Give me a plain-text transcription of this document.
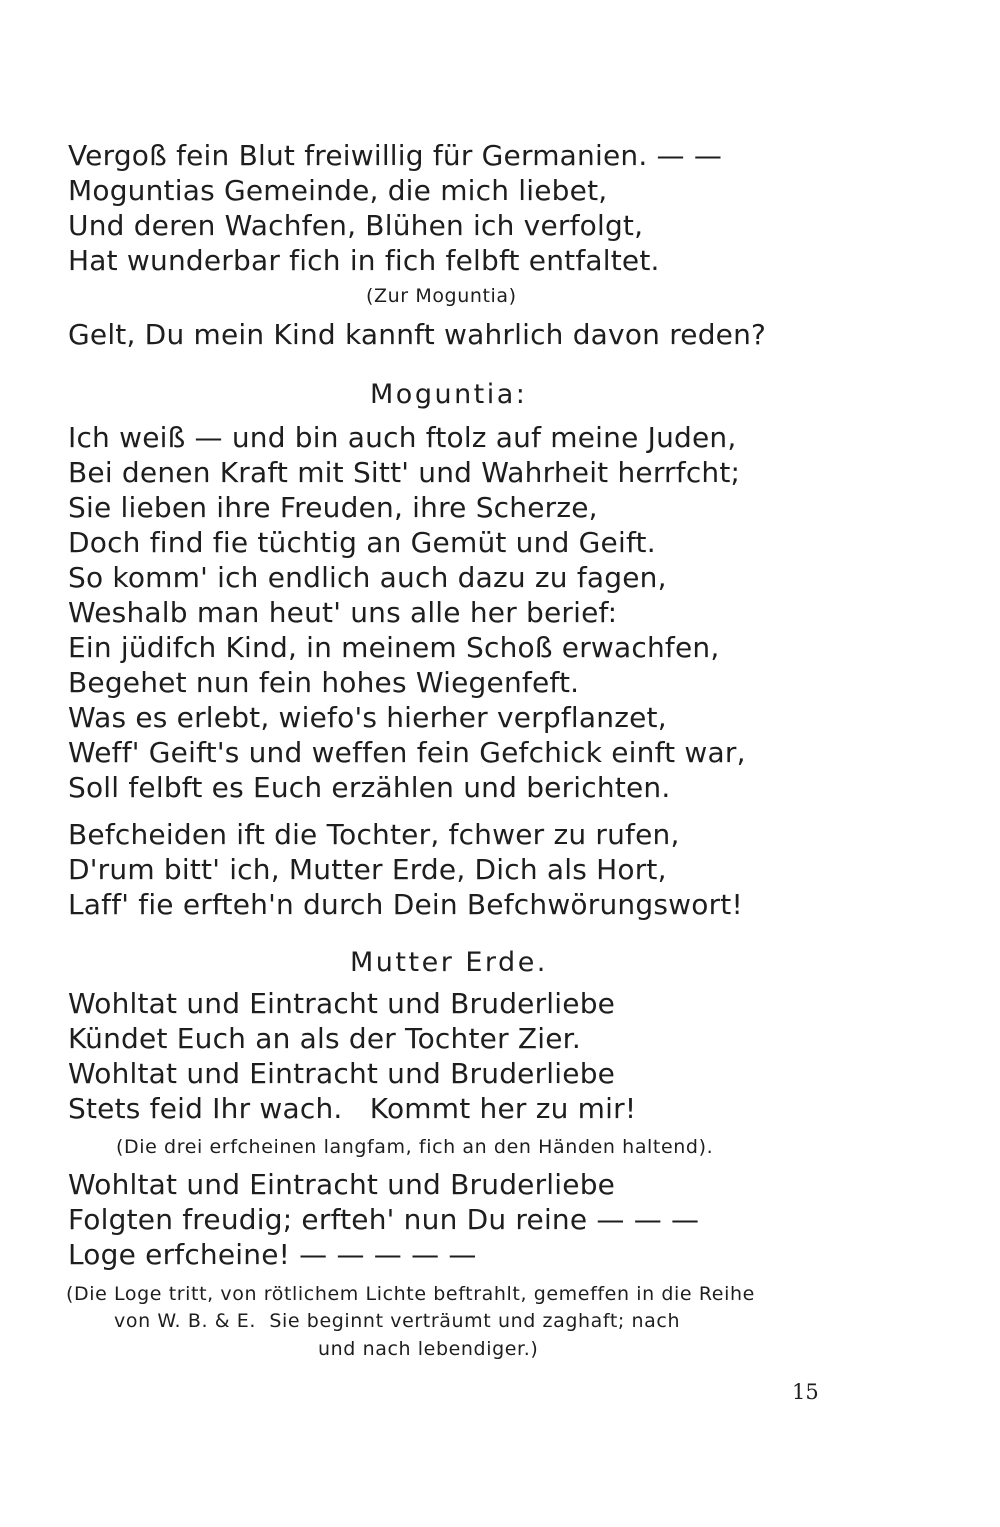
Vergoß fein Blut freiwillig für Germanien. — —
Moguntias Gemeinde, die mich liebet,
Und deren Wachfen, Blühen ich verfolgt,
Hat wunderbar fich in fich felbft entfaltet.
(Zur Moguntia)
Gelt, Du mein Kind kannft wahrlich davon reden?
Moguntia:
Ich weiß — und bin auch ftolz auf meine Juden,
Bei denen Kraft mit Sitt' und Wahrheit herrfcht;
Sie lieben ihre Freuden, ihre Scherze,
Doch find fie tüchtig an Gemüt und Geift.
So komm' ich endlich auch dazu zu fagen,
Weshalb man heut' uns alle her berief:
Ein jüdifch Kind, in meinem Schoß erwachfen,
Begehet nun fein hohes Wiegenfeft.
Was es erlebt, wiefo's hierher verpflanzet,
Weff' Geift's und weffen fein Gefchick einft war,
Soll felbft es Euch erzählen und berichten.
Befcheiden ift die Tochter, fchwer zu rufen,
D'rum bitt' ich, Mutter Erde, Dich als Hort,
Laff' fie erfteh'n durch Dein Befchwörungswort!
Mutter Erde.
Wohltat und Eintracht und Bruderliebe
Kündet Euch an als der Tochter Zier.
Wohltat und Eintracht und Bruderliebe
Stets feid Ihr wach.   Kommt her zu mir!
(Die drei erfcheinen langfam, fich an den Händen haltend).
Wohltat und Eintracht und Bruderliebe
Folgten freudig; erfteh' nun Du reine — — —
Loge erfcheine! — — — — —
(Die Loge tritt, von rötlichem Lichte beftrahlt, gemeffen in die Reihe
von W. B. & E.  Sie beginnt verträumt und zaghaft; nach
und nach lebendiger.)
15
